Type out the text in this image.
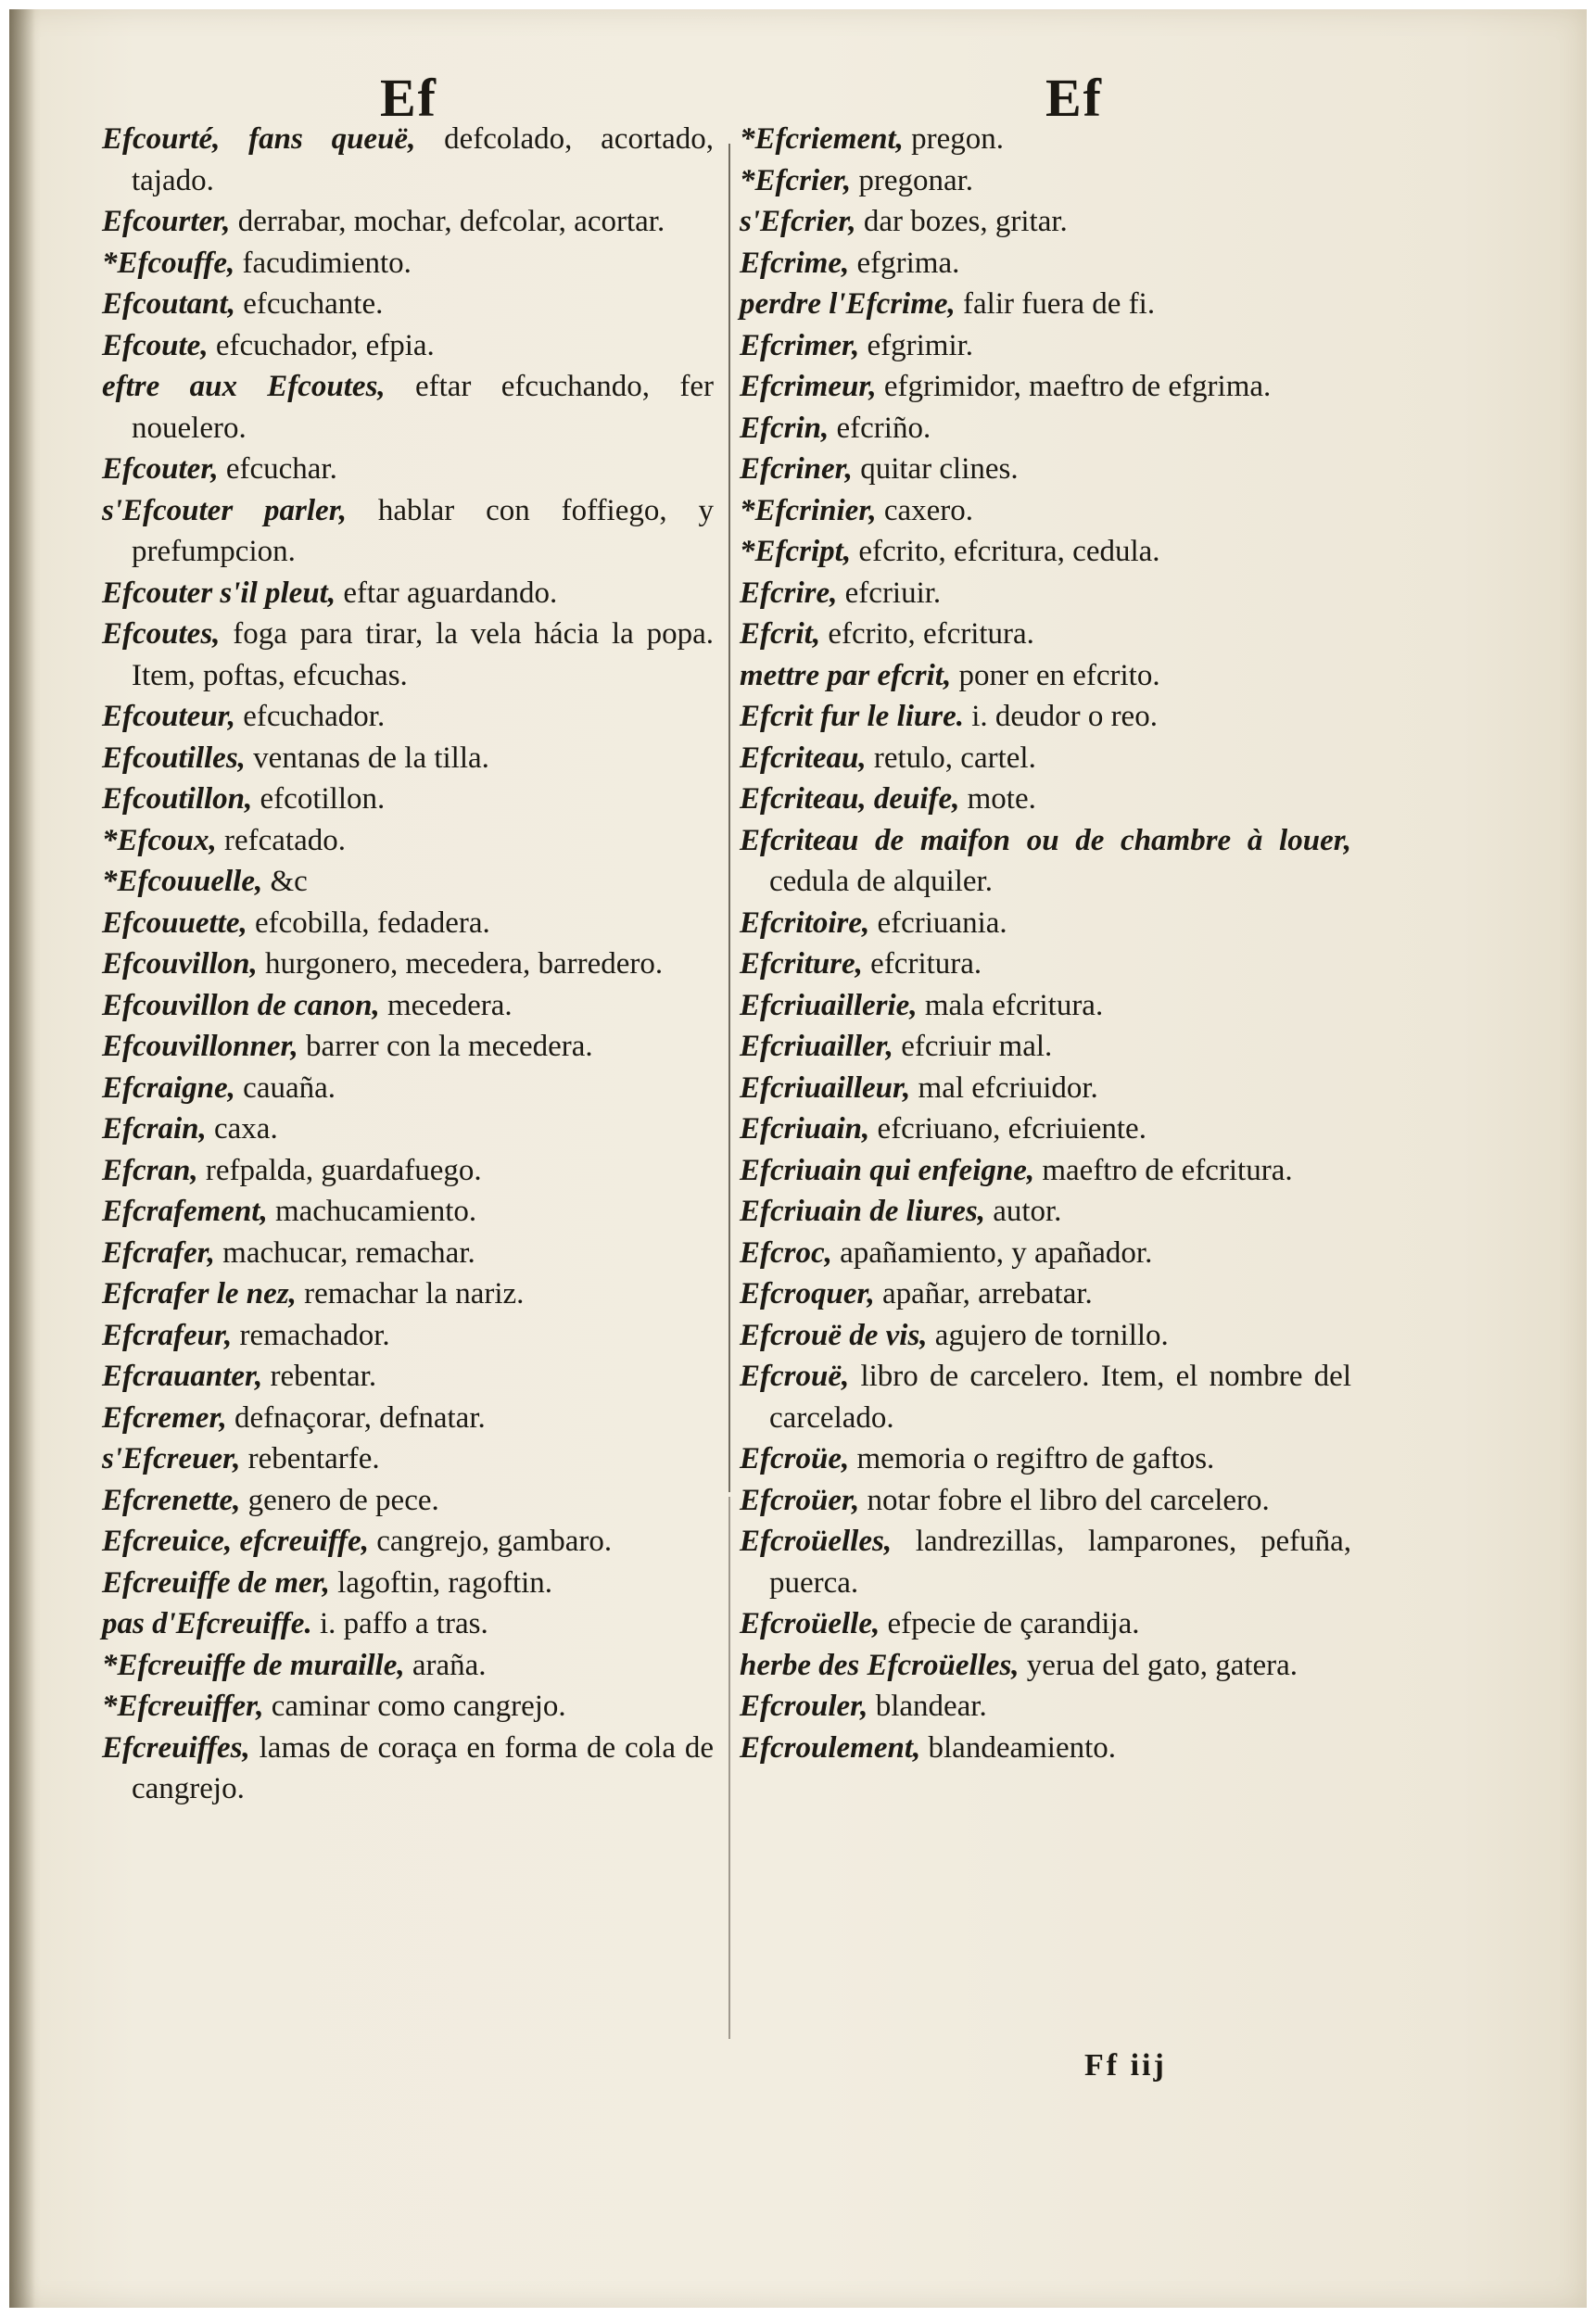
Ef
Efcourté, fans queuë, defcolado, acortado, tajado.
Efcourter, derrabar, mochar, defcolar, acortar.
*Efcouffe, facudimiento.
Efcoutant, efcuchante.
Efcoute, efcuchador, efpia.
eftre aux Efcoutes, eftar efcuchando, fer nouelero.
Efcouter, efcuchar.
s'Efcouter parler, hablar con foffiego, y prefumpcion.
Efcouter s'il pleut, eftar aguardando.
Efcoutes, foga para tirar, la vela hácia la popa. Item, poftas, efcuchas.
Efcouteur, efcuchador.
Efcoutilles, ventanas de la tilla.
Efcoutillon, efcotillon.
*Efcoux, refcatado.
*Efcouuelle, &c
Efcouuette, efcobilla, fedadera.
Efcouvillon, hurgonero, mecedera, barredero.
Efcouvillon de canon, mecedera.
Efcouvillonner, barrer con la mecedera.
Efcraigne, cauaña.
Efcrain, caxa.
Efcran, refpalda, guardafuego.
Efcrafement, machucamiento.
Efcrafer, machucar, remachar.
Efcrafer le nez, remachar la nariz.
Efcrafeur, remachador.
Efcrauanter, rebentar.
Efcremer, defnaçorar, defnatar.
s'Efcreuer, rebentarfe.
Efcrenette, genero de pece.
Efcreuice, efcreuiffe, cangrejo, gambaro.
Efcreuiffe de mer, lagoftin, ragoftin.
pas d'Efcreuiffe. i. paffo a tras.
*Efcreuiffe de muraille, araña.
*Efcreuiffer, caminar como cangrejo.
Efcreuiffes, lamas de coraça en forma de cola de cangrejo.
Ef
*Efcriement, pregon.
*Efcrier, pregonar.
s'Efcrier, dar bozes, gritar.
Efcrime, efgrima.
perdre l'Efcrime, falir fuera de fi.
Efcrimer, efgrimir.
Efcrimeur, efgrimidor, maeftro de efgrima.
Efcrin, efcriño.
Efcriner, quitar clines.
*Efcrinier, caxero.
*Efcript, efcrito, efcritura, cedula.
Efcrire, efcriuir.
Efcrit, efcrito, efcritura.
mettre par efcrit, poner en efcrito.
Efcrit fur le liure. i. deudor o reo.
Efcriteau, retulo, cartel.
Efcriteau, deuife, mote.
Efcriteau de maifon ou de chambre à louer, cedula de alquiler.
Efcritoire, efcriuania.
Efcriture, efcritura.
Efcriuaillerie, mala efcritura.
Efcriuailler, efcriuir mal.
Efcriuailleur, mal efcriuidor.
Efcriuain, efcriuano, efcriuiente.
Efcriuain qui enfeigne, maeftro de efcritura.
Efcriuain de liures, autor.
Efcroc, apañamiento, y apañador.
Efcroquer, apañar, arrebatar.
Efcrouë de vis, agujero de tornillo.
Efcrouë, libro de carcelero. Item, el nombre del carcelado.
Efcroüe, memoria o regiftro de gaftos.
Efcroüer, notar fobre el libro del carcelero.
Efcroüelles, landrezillas, lamparones, pefuña, puerca.
Efcroüelle, efpecie de çarandija.
herbe des Efcroüelles, yerua del gato, gatera.
Efcrouler, blandear.
Efcroulement, blandeamiento.
Ff iij
